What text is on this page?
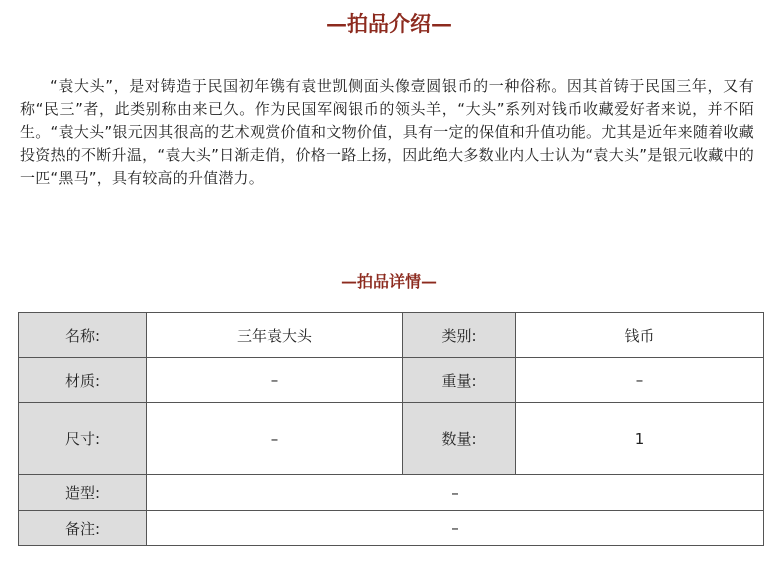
—拍品介绍—

“袁大头”，是对铸造于民国初年镌有袁世凯侧面头像壹圆银币的一种俗称。因其首铸于民国三年，又有称“民三”者，此类别称由来已久。作为民国军阀银币的领头羊，“大头”系列对钱币收藏爱好者来说，并不陌生。“袁大头”银元因其很高的艺术观赏价值和文物价值，具有一定的保值和升值功能。尤其是近年来随着收藏投资热的不断升温，“袁大头”日渐走俏，价格一路上扬，因此绝大多数业内人士认为“袁大头”是银元收藏中的一匹“黑马”，具有较高的升值潜力。

—拍品详情—
名称:	三年袁大头	类别:	钱币
材质:	–	重量:	–
尺寸:	–	数量:	1
造型:	–		
备注:	–		
